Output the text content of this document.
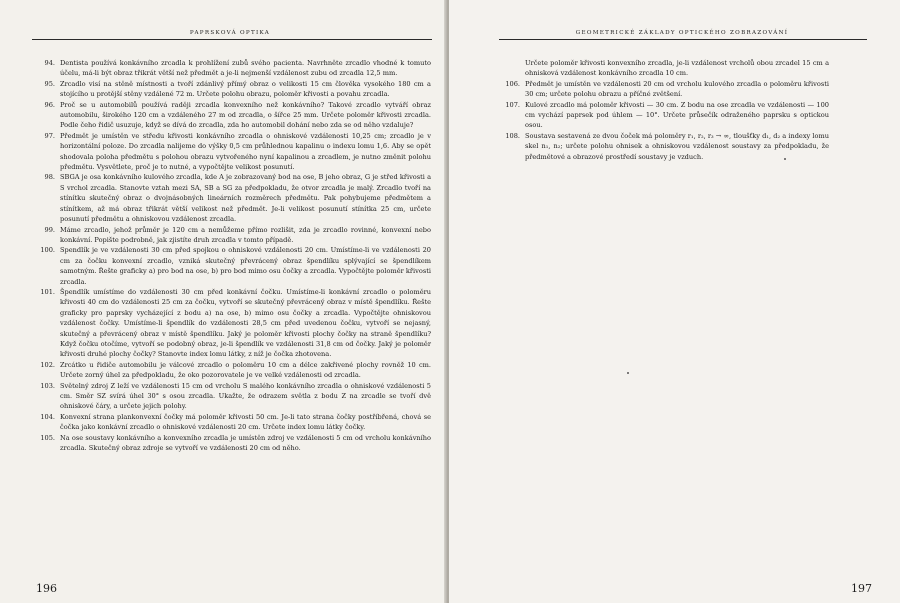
PAPRSKOVÁ OPTIKA
94. Dentista používá konkávního zrcadla k prohlížení zubů svého pacienta. Navrhněte zrcadlo vhodné k tomuto účelu, má-li být obraz třikrát větší než předmět a je-li nejmenší vzdálenost zubu od zrcadla 12,5 mm.
95. Zrcadlo visí na stěně místnosti a tvoří zdánlivý přímý obraz o velikosti 15 cm člověka vysokého 180 cm a stojícího u protější stěny vzdálené 72 m. Určete polohu obrazu, poloměr křivosti a povahu zrcadla.
96. Proč se u automobilů používá raději zrcadla konvexního než konkávního? Takové zrcadlo vytváří obraz automobilu, širokého 120 cm a vzdáleného 27 m od zrcadla, o šířce 25 mm. Určete poloměr křivosti zrcadla. Podle čeho řidič usuzuje, když se dívá do zrcadla, zda ho automobil dohání nebo zda se od něho vzdaluje?
97. Předmět je umístěn ve středu křivosti konkávního zrcadla o ohniskové vzdálenosti 10,25 cm; zrcadlo je v horizontální poloze. Do zrcadla nalijeme do výšky 0,5 cm průhlednou kapalinu o indexu lomu 1,6. Aby se opět shodovala poloha předmětu s polohou obrazu vytvořeného nyní kapalinou a zrcadlem, je nutno změnit polohu předmětu. Vysvětlete, proč je to nutné, a vypočtějte velikost posunutí.
98. SBGA je osa konkávního kulového zrcadla, kde A je zobrazovaný bod na ose, B jeho obraz, G je střed křivosti a S vrchol zrcadla. Stanovte vztah mezi SA, SB a SG za předpokladu, že otvor zrcadla je malý. Zrcadlo tvoří na stínítku skutečný obraz o dvojnásobných lineárních rozměrech předmětu. Pak pohybujeme předmětem a stínítkem, až má obraz třikrát větší velikost než předmět. Je-li velikost posunutí stínítka 25 cm, určete posunutí předmětu a ohniskovou vzdálenost zrcadla.
99. Máme zrcadlo, jehož průměr je 120 cm a nemůžeme přímo rozlišit, zda je zrcadlo rovinné, konvexní nebo konkávní. Popište podrobně, jak zjistíte druh zrcadla v tomto případě.
100. Spendlík je ve vzdálenosti 30 cm před spojkou o ohniskové vzdálenosti 20 cm. Umístíme-li ve vzdálenosti 20 cm za čočku konvexní zrcadlo, vzniká skutečný převrácený obraz špendlíku splývající se špendlíkem samotným. Řešte graficky a) pro bod na ose, b) pro bod mimo osu čočky a zrcadla. Vypočtějte poloměr křivosti zrcadla.
101. Špendlík umístíme do vzdálenosti 30 cm před konkávní čočku. Umístíme-li konkávní zrcadlo o poloměru křivosti 40 cm do vzdálenosti 25 cm za čočku, vytvoří se skutečný převrácený obraz v místě špendlíku. Řešte graficky pro paprsky vycházející z bodu a) na ose, b) mimo osu čočky a zrcadla. Vypočtějte ohniskovou vzdálenost čočky. Umístíme-li špendlík do vzdálenosti 28,5 cm před uvedenou čočku, vytvoří se nejasný, skutečný a převrácený obraz v místě špendlíku. Jaký je poloměr křivosti plochy čočky na straně špendlíku? Když čočku otočíme, vytvoří se podobný obraz, je-li špendlík ve vzdálenosti 31,8 cm od čočky. Jaký je poloměr křivosti druhé plochy čočky? Stanovte index lomu látky, z níž je čočka zhotovena.
102. Zrcátko u řidiče automobilu je válcové zrcadlo o poloměru 10 cm a délce zakřivené plochy rovněž 10 cm. Určete zorný úhel za předpokladu, že oko pozorovatele je ve velké vzdálenosti od zrcadla.
103. Světelný zdroj Z leží ve vzdálenosti 15 cm od vrcholu S malého konkávního zrcadla o ohniskové vzdálenosti 5 cm. Směr SZ svírá úhel 30° s osou zrcadla. Ukažte, že odrazem světla z bodu Z na zrcadle se tvoří dvě ohniskové čáry, a určete jejich polohy.
104. Konvexní strana plankonvexní čočky má poloměr křivosti 50 cm. Je-li tato strana čočky postříbřená, chová se čočka jako konkávní zrcadlo o ohniskové vzdálenosti 20 cm. Určete index lomu látky čočky.
105. Na ose soustavy konkávního a konvexního zrcadla je umístěn zdroj ve vzdálenosti 5 cm od vrcholu konkávního zrcadla. Skutečný obraz zdroje se vytvoří ve vzdálenosti 20 cm od něho.
196
GEOMETRICKÉ ZÁKLADY OPTICKÉHO ZOBRAZOVÁNÍ
Určete poloměr křivosti konvexního zrcadla, je-li vzdálenost vrcholů obou zrcadel 15 cm a ohnisková vzdálenost konkávního zrcadla 10 cm.
106. Předmět je umístěn ve vzdálenosti 20 cm od vrcholu kulového zrcadla o poloměru křivosti 30 cm; určete polohu obrazu a příčné zvětšení.
107. Kulové zrcadlo má poloměr křivosti — 30 cm. Z bodu na ose zrcadla ve vzdálenosti — 100 cm vychází paprsek pod úhlem — 10°. Určete průsečík odraženého paprsku s optickou osou.
108. Soustava sestavená ze dvou čoček má poloměry r₁, r₂, r₃ → ∞, tloušťky d₁, d₂ a indexy lomu skel n₁, n₂; určete polohu ohnisek a ohniskovou vzdálenost soustavy za předpokladu, že předmětové a obrazové prostředí soustavy je vzduch.
197
